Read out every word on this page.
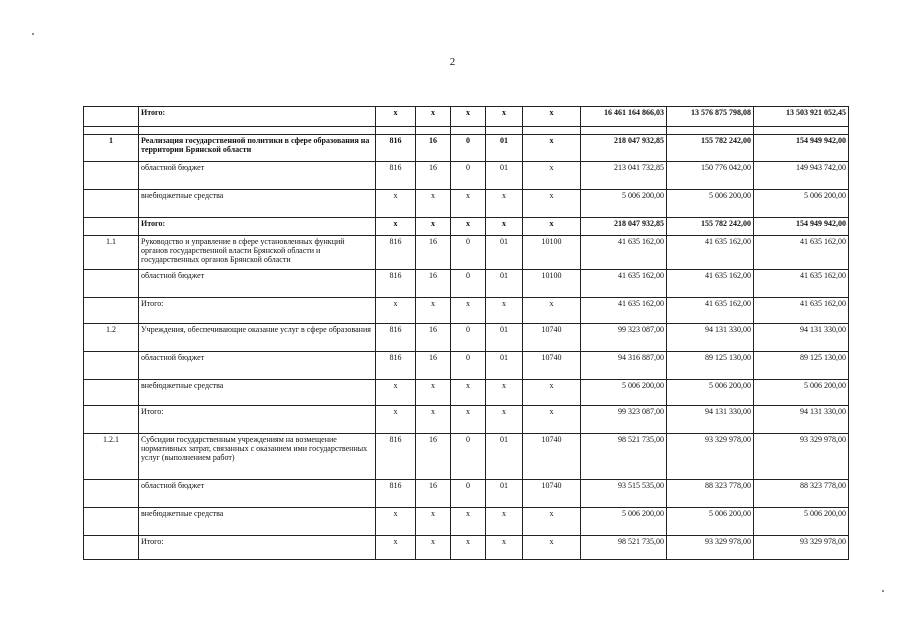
2
	Итого:	x	x	x	x	x	16 461 164 866,03	13 576 875 798,08	13 503 921 052,45

1	Реализация государственной политики в сфере образования на территории Брянской области	816	16	0	01	x	218 047 932,85	155 782 242,00	154 949 942,00
	областной бюджет	816	16	0	01	x	213 041 732,85	150 776 042,00	149 943 742,00
	внебюджетные средства	x	x	x	x	x	5 006 200,00	5 006 200,00	5 006 200,00
	Итого:	x	x	x	x	x	218 047 932,85	155 782 242,00	154 949 942,00
1.1	Руководство и управление в сфере установленных функций органов государственной власти Брянской области и государственных органов Брянской области	816	16	0	01	10100	41 635 162,00	41 635 162,00	41 635 162,00
	областной бюджет	816	16	0	01	10100	41 635 162,00	41 635 162,00	41 635 162,00
	Итого:	x	x	x	x	x	41 635 162,00	41 635 162,00	41 635 162,00
1.2	Учреждения, обеспечивающие оказание услуг в сфере образования	816	16	0	01	10740	99 323 087,00	94 131 330,00	94 131 330,00
	областной бюджет	816	16	0	01	10740	94 316 887,00	89 125 130,00	89 125 130,00
	внебюджетные средства	x	x	x	x	x	5 006 200,00	5 006 200,00	5 006 200,00
	Итого:	x	x	x	x	x	99 323 087,00	94 131 330,00	94 131 330,00
1.2.1	Субсидии государственным учреждениям на возмещение нормативных затрат, связанных с оказанием ими государственных услуг (выполнением работ)	816	16	0	01	10740	98 521 735,00	93 329 978,00	93 329 978,00
	областной бюджет	816	16	0	01	10740	93 515 535,00	88 323 778,00	88 323 778,00
	внебюджетные средства	x	x	x	x	x	5 006 200,00	5 006 200,00	5 006 200,00
	Итого:	x	x	x	x	x	98 521 735,00	93 329 978,00	93 329 978,00
